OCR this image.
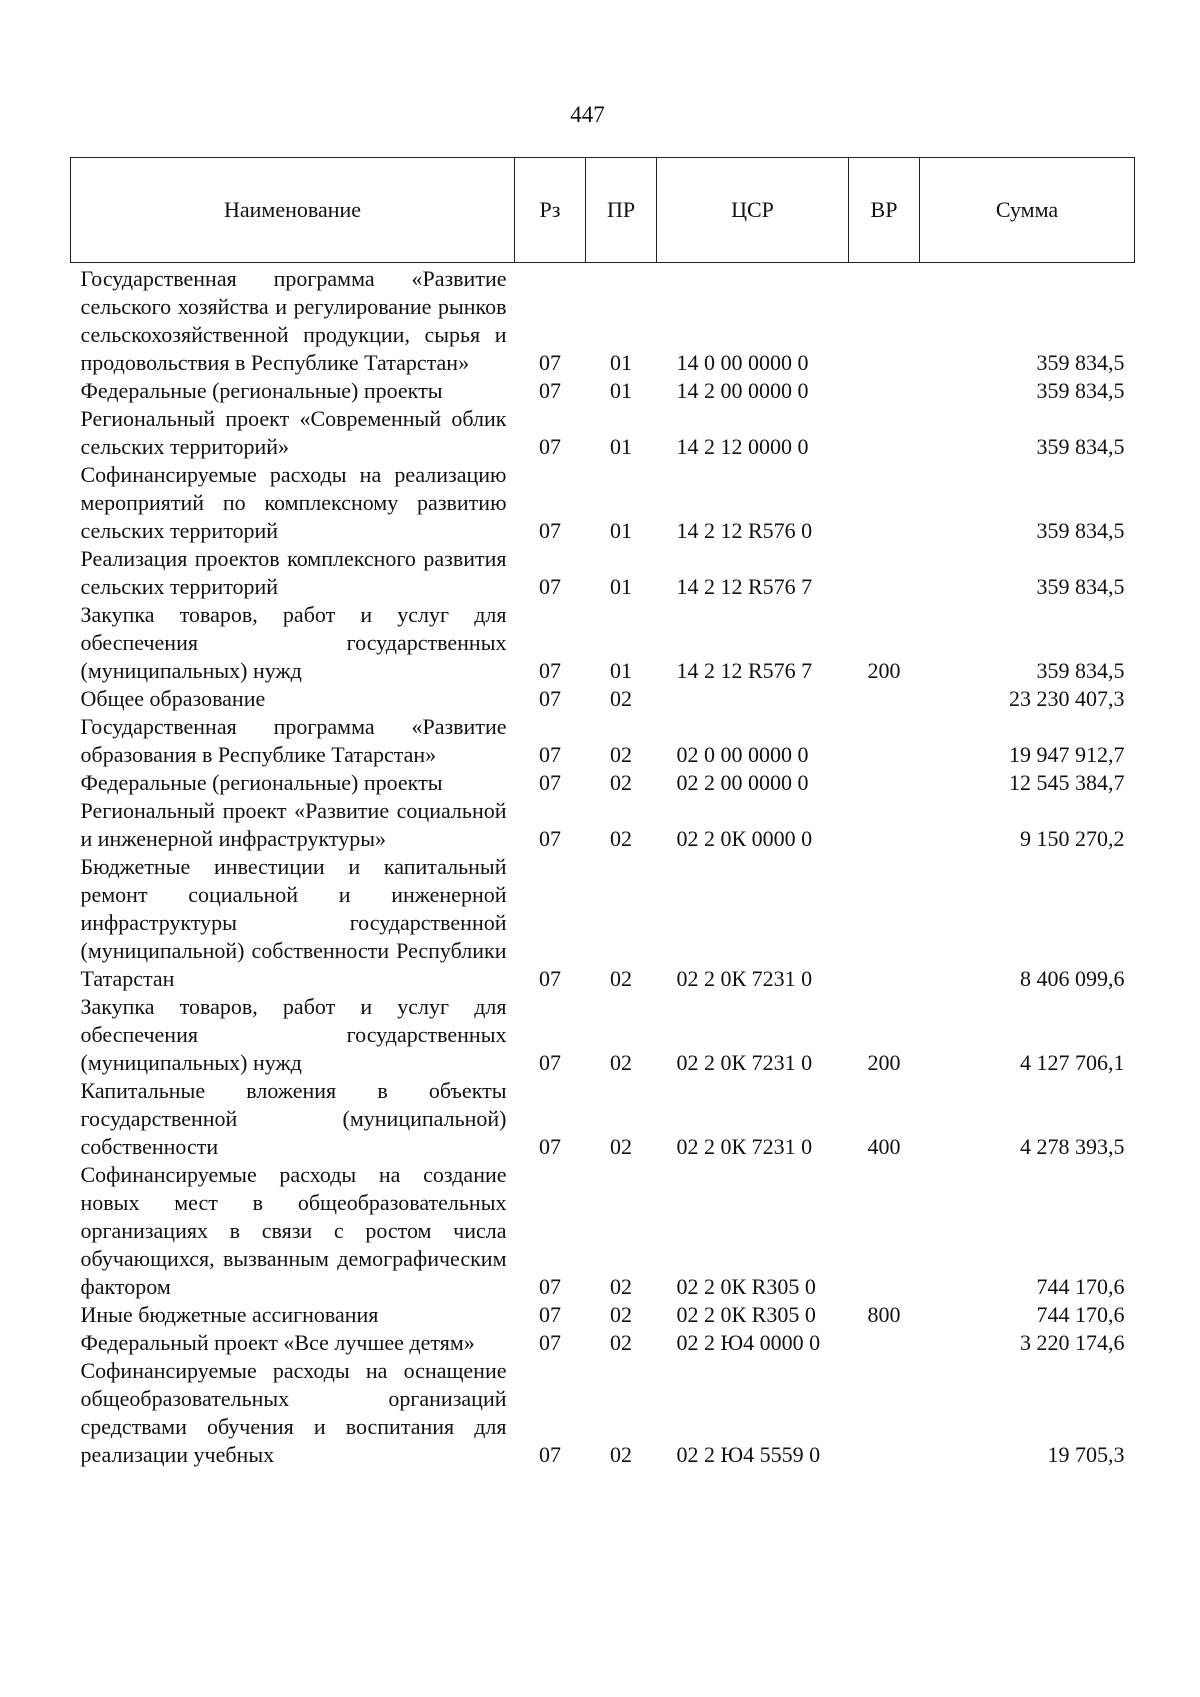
447
Наименование	Рз	ПР	ЦСР	ВР	Сумма
Государственная программа «Развитие сельского хозяйства и регулирование рынков сельскохозяйственной продукции, сырья и продовольствия в Республике Татарстан»	07	01	14 0 00 0000 0		359 834,5
Федеральные (региональные) проекты	07	01	14 2 00 0000 0		359 834,5
Региональный проект «Современный облик сельских территорий»	07	01	14 2 12 0000 0		359 834,5
Софинансируемые расходы на реализацию мероприятий по комплексному развитию сельских территорий	07	01	14 2 12 R576 0		359 834,5
Реализация проектов комплексного развития сельских территорий	07	01	14 2 12 R576 7		359 834,5
Закупка товаров, работ и услуг для обеспечения государственных (муниципальных) нужд	07	01	14 2 12 R576 7	200	359 834,5
Общее образование	07	02			23 230 407,3
Государственная программа «Развитие образования в Республике Татарстан»	07	02	02 0 00 0000 0		19 947 912,7
Федеральные (региональные) проекты	07	02	02 2 00 0000 0		12 545 384,7
Региональный проект «Развитие социальной и инженерной инфраструктуры»	07	02	02 2 0К 0000 0		9 150 270,2
Бюджетные инвестиции и капитальный ремонт социальной и инженерной инфраструктуры государственной (муниципальной) собственности Республики Татарстан	07	02	02 2 0К 7231 0		8 406 099,6
Закупка товаров, работ и услуг для обеспечения государственных (муниципальных) нужд	07	02	02 2 0К 7231 0	200	4 127 706,1
Капитальные вложения в объекты государственной (муниципальной) собственности	07	02	02 2 0К 7231 0	400	4 278 393,5
Софинансируемые расходы на создание новых мест в общеобразовательных организациях в связи с ростом числа обучающихся, вызванным демографическим фактором	07	02	02 2 0К R305 0		744 170,6
Иные бюджетные ассигнования	07	02	02 2 0К R305 0	800	744 170,6
Федеральный проект «Все лучшее детям»	07	02	02 2 Ю4 0000 0		3 220 174,6
Софинансируемые расходы на оснащение общеобразовательных организаций средствами обучения и воспитания для реализации учебных	07	02	02 2 Ю4 5559 0		19 705,3
